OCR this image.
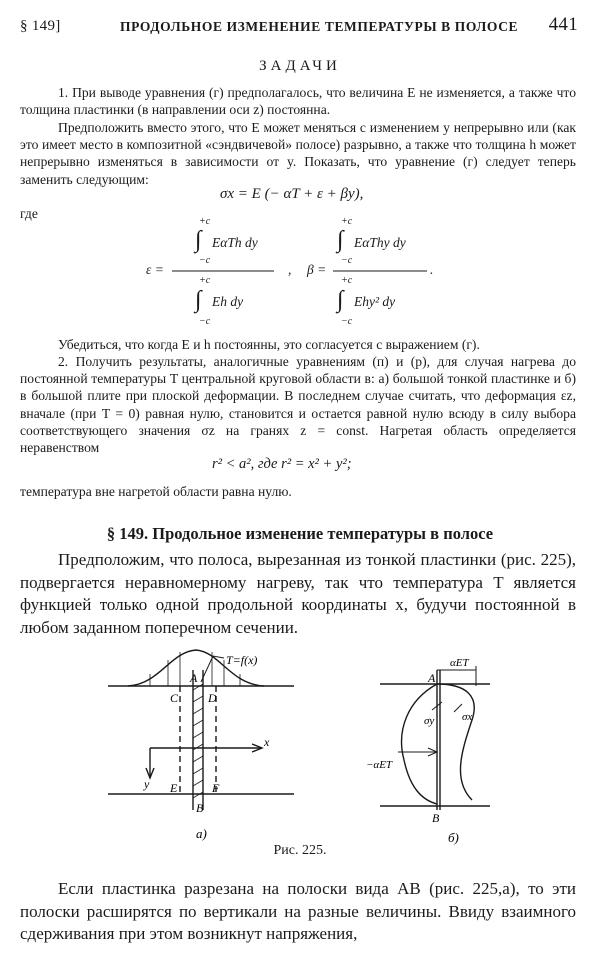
§ 149]	ПРОДОЛЬНОЕ ИЗМЕНЕНИЕ ТЕМПЕРАТУРЫ В ПОЛОСЕ 441
ЗАДАЧИ
1. При выводе уравнения (г) предполагалось, что величина E не изменяется, а также что толщина пластинки (в направлении оси z) постоянна.
Предположить вместо этого, что E может меняться с изменением y непрерывно или (как это имеет место в композитной «сэндвичевой» полосе) разрывно, а также что толщина h может непрерывно изменяться в зависимости от y. Показать, что уравнение (г) следует теперь заменить следующим:
σx = E (− αT + ε + βy),
где
ε =
+c
∫ EαTh dy
−c
+c
∫ Eh dy
−c
, β =
+c
∫ EαThy dy
−c
+c
∫ Ehy² dy
−c
.
Убедиться, что когда E и h постоянны, это согласуется с выражением (г).
2. Получить результаты, аналогичные уравнениям (п) и (р), для случая нагрева до постоянной температуры T центральной круговой области в: а) большой тонкой пластинке и б) в большой плите при плоской деформации. В последнем случае считать, что деформация εz, вначале (при T = 0) равная нулю, становится и остается равной нулю всюду в силу выбора соответствующего значения σz на гранях z = const. Нагретая область определяется неравенством
r² < a², где r² = x² + y²;
температура вне нагретой области равна нулю.
§ 149. Продольное изменение температуры в полосе
Предположим, что полоса, вырезанная из тонкой пластинки (рис. 225), подвергается неравномерному нагреву, так что температура T является функцией только одной продольной координаты x, будучи постоянной в любом заданном поперечном сечении.
T=f(x)
A
B
C D
E	F
x
y
а)
αET
−αET
σy	σx
A
B
б)
Рис. 225.
Если пластинка разрезана на полоски вида AB (рис. 225,a), то эти полоски расширятся по вертикали на разные величины. Ввиду взаимного сдерживания при этом возникнут напряжения,
